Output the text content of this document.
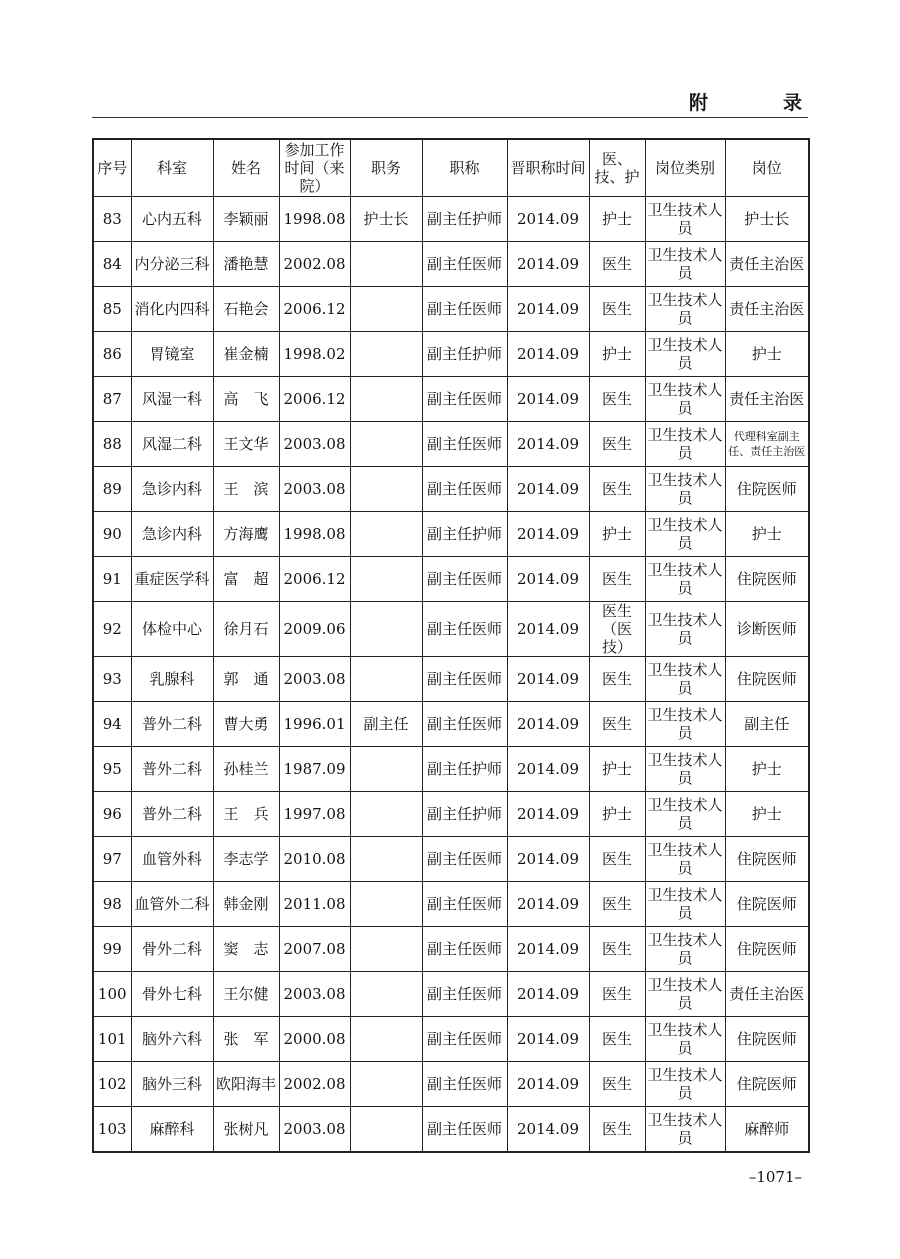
附　录
序号	科室	姓名	参加工作时间（来院）	职务	职称	晋职称时间	医、技、护	岗位类别	岗位
83	心内五科	李颖丽	1998.08	护士长	副主任护师	2014.09	护士	卫生技术人员	护士长
84	内分泌三科	潘艳慧	2002.08		副主任医师	2014.09	医生	卫生技术人员	责任主治医
85	消化内四科	石艳会	2006.12		副主任医师	2014.09	医生	卫生技术人员	责任主治医
86	胃镜室	崔金楠	1998.02		副主任护师	2014.09	护士	卫生技术人员	护士
87	风湿一科	高　飞	2006.12		副主任医师	2014.09	医生	卫生技术人员	责任主治医
88	风湿二科	王文华	2003.08		副主任医师	2014.09	医生	卫生技术人员	代理科室副主任、责任主治医
89	急诊内科	王　滨	2003.08		副主任医师	2014.09	医生	卫生技术人员	住院医师
90	急诊内科	方海鹰	1998.08		副主任护师	2014.09	护士	卫生技术人员	护士
91	重症医学科	富　超	2006.12		副主任医师	2014.09	医生	卫生技术人员	住院医师
92	体检中心	徐月石	2009.06		副主任医师	2014.09	医生（医技）	卫生技术人员	诊断医师
93	乳腺科	郭　通	2003.08		副主任医师	2014.09	医生	卫生技术人员	住院医师
94	普外二科	曹大勇	1996.01	副主任	副主任医师	2014.09	医生	卫生技术人员	副主任
95	普外二科	孙桂兰	1987.09		副主任护师	2014.09	护士	卫生技术人员	护士
96	普外二科	王　兵	1997.08		副主任护师	2014.09	护士	卫生技术人员	护士
97	血管外科	李志学	2010.08		副主任医师	2014.09	医生	卫生技术人员	住院医师
98	血管外二科	韩金刚	2011.08		副主任医师	2014.09	医生	卫生技术人员	住院医师
99	骨外二科	窦　志	2007.08		副主任医师	2014.09	医生	卫生技术人员	住院医师
100	骨外七科	王尔健	2003.08		副主任医师	2014.09	医生	卫生技术人员	责任主治医
101	脑外六科	张　军	2000.08		副主任医师	2014.09	医生	卫生技术人员	住院医师
102	脑外三科	欧阳海丰	2002.08		副主任医师	2014.09	医生	卫生技术人员	住院医师
103	麻醉科	张树凡	2003.08		副主任医师	2014.09	医生	卫生技术人员	麻醉师
–1071–
